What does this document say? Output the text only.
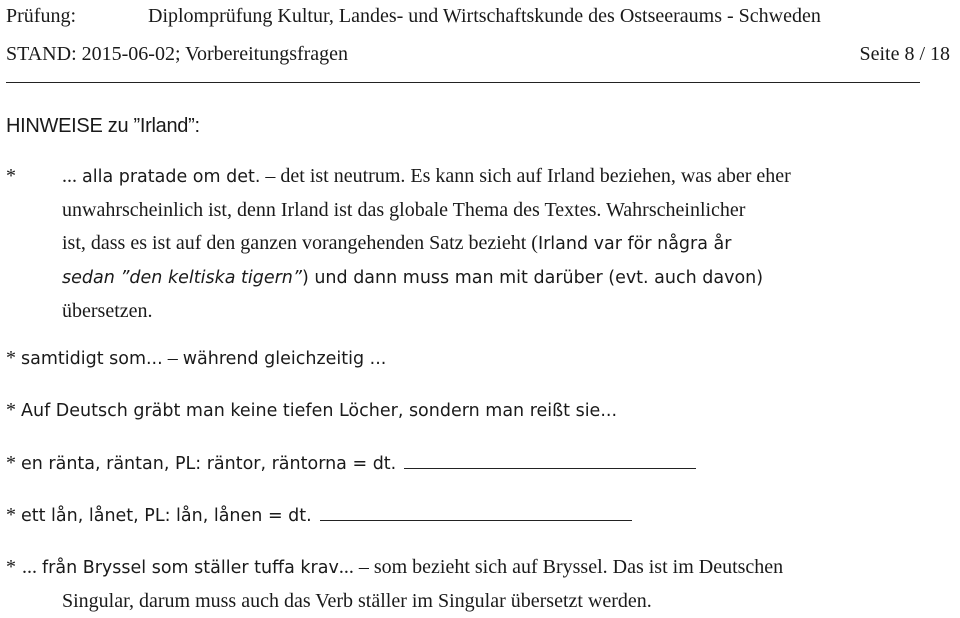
Prüfung:	Diplomprüfung Kultur, Landes- und Wirtschaftskunde des Ostseeraums - Schweden
STAND: 2015-06-02; Vorbereitungsfragen	Seite 8 / 18
HINWEISE zu ”Irland”:
* ... alla pratade om det. – det ist neutrum. Es kann sich auf Irland beziehen, was aber eher
unwahrscheinlich ist, denn Irland ist das globale Thema des Textes. Wahrscheinlicher
ist, dass es ist auf den ganzen vorangehenden Satz bezieht (Irland var för några år
sedan ”den keltiska tigern”) und dann muss man mit darüber (evt. auch davon)
übersetzen.
* samtidigt som... – während gleichzeitig ...
* Auf Deutsch gräbt man keine tiefen Löcher, sondern man reißt sie...
* en ränta, räntan, PL: räntor, räntorna = dt.
* ett lån, lånet, PL: lån, lånen = dt.
* ... från Bryssel som ställer tuffa krav... – som bezieht sich auf Bryssel. Das ist im Deutschen
Singular, darum muss auch das Verb ställer im Singular übersetzt werden.
